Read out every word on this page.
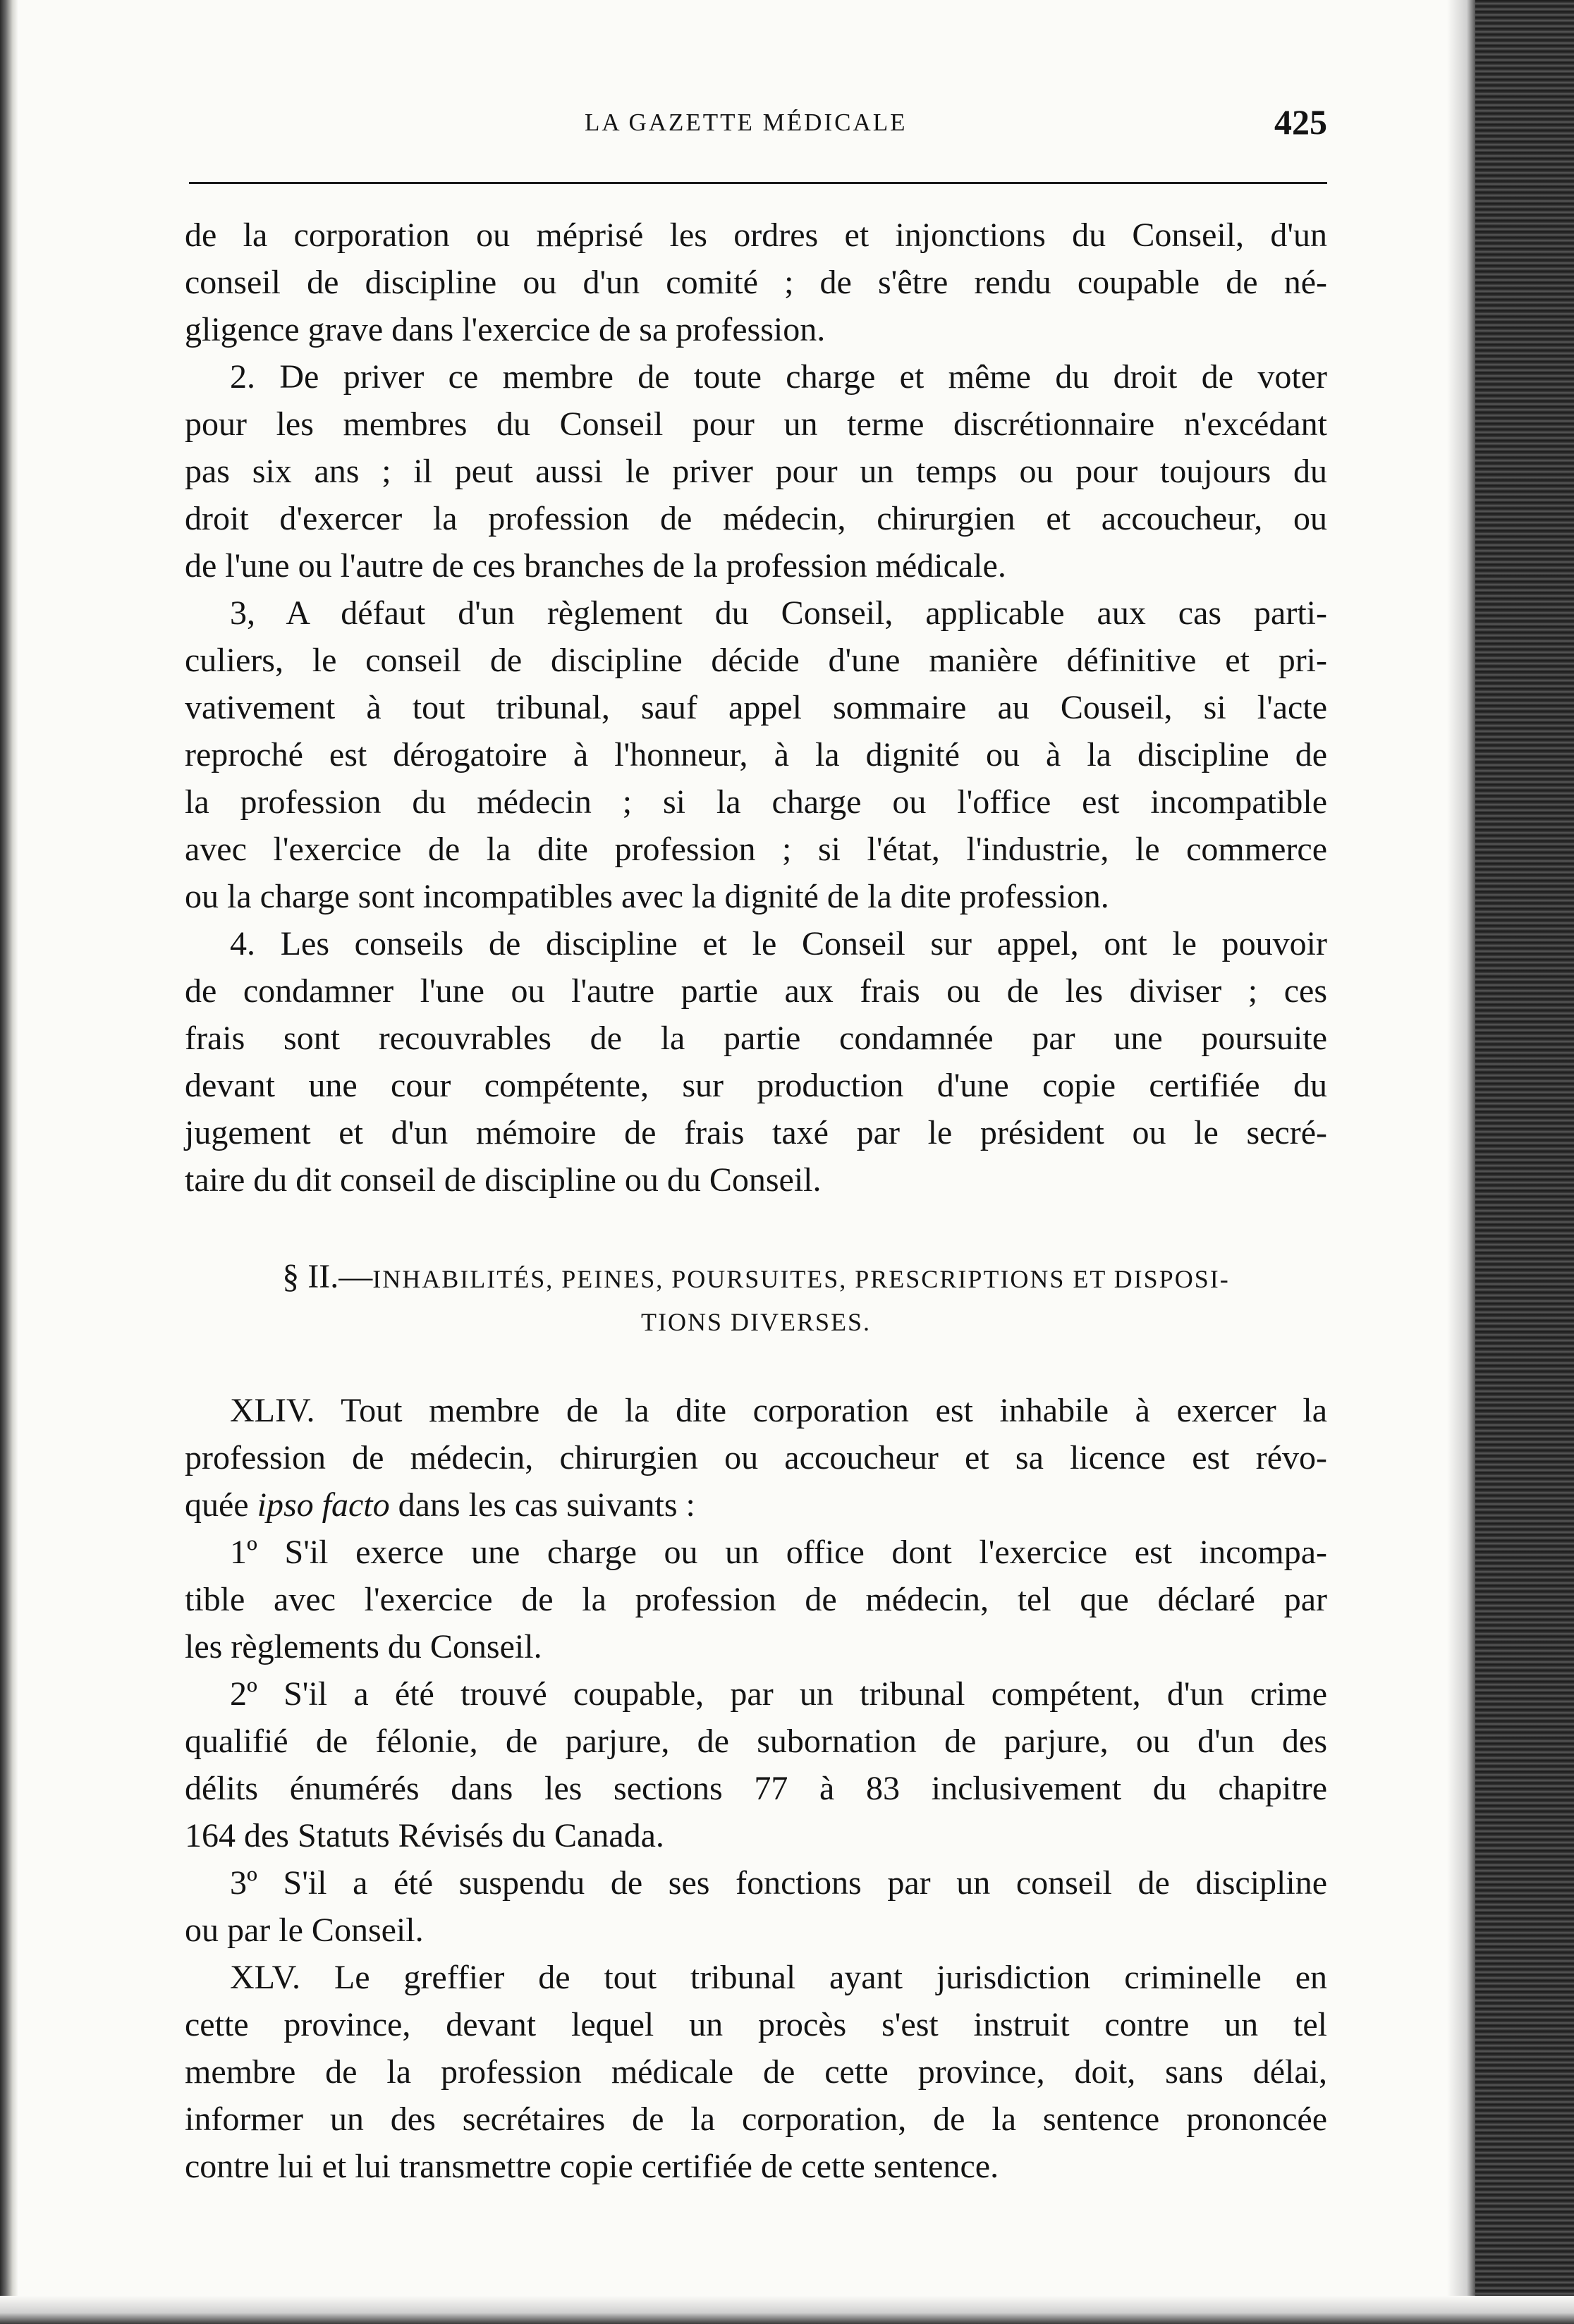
LA GAZETTE MÉDICALE	425
de la corporation ou méprisé les ordres et injonctions du Conseil, d'un
conseil de discipline ou d'un comité ; de s'être rendu coupable de né-
gligence grave dans l'exercice de sa profession.
2. De priver ce membre de toute charge et même du droit de voter
pour les membres du Conseil pour un terme discrétionnaire n'excédant
pas six ans ; il peut aussi le priver pour un temps ou pour toujours du
droit d'exercer la profession de médecin, chirurgien et accoucheur, ou
de l'une ou l'autre de ces branches de la profession médicale.
3, A défaut d'un règlement du Conseil, applicable aux cas parti-
culiers, le conseil de discipline décide d'une manière définitive et pri-
vativement à tout tribunal, sauf appel sommaire au Couseil, si l'acte
reproché est dérogatoire à l'honneur, à la dignité ou à la discipline de
la profession du médecin ; si la charge ou l'office est incompatible
avec l'exercice de la dite profession ; si l'état, l'industrie, le commerce
ou la charge sont incompatibles avec la dignité de la dite profession.
4. Les conseils de discipline et le Conseil sur appel, ont le pouvoir
de condamner l'une ou l'autre partie aux frais ou de les diviser ; ces
frais sont recouvrables de la partie condamnée par une poursuite
devant une cour compétente, sur production d'une copie certifiée du
jugement et d'un mémoire de frais taxé par le président ou le secré-
taire du dit conseil de discipline ou du Conseil.
§ II.—INHABILITÉS, PEINES, POURSUITES, PRESCRIPTIONS ET DISPOSI-
TIONS DIVERSES.
XLIV. Tout membre de la dite corporation est inhabile à exercer la
profession de médecin, chirurgien ou accoucheur et sa licence est révo-
quée ipso facto dans les cas suivants :
1º S'il exerce une charge ou un office dont l'exercice est incompa-
tible avec l'exercice de la profession de médecin, tel que déclaré par
les règlements du Conseil.
2º S'il a été trouvé coupable, par un tribunal compétent, d'un crime
qualifié de félonie, de parjure, de subornation de parjure, ou d'un des
délits énumérés dans les sections 77 à 83 inclusivement du chapitre
164 des Statuts Révisés du Canada.
3º S'il a été suspendu de ses fonctions par un conseil de discipline
ou par le Conseil.
XLV. Le greffier de tout tribunal ayant jurisdiction criminelle en
cette province, devant lequel un procès s'est instruit contre un tel
membre de la profession médicale de cette province, doit, sans délai,
informer un des secrétaires de la corporation, de la sentence prononcée
contre lui et lui transmettre copie certifiée de cette sentence.
